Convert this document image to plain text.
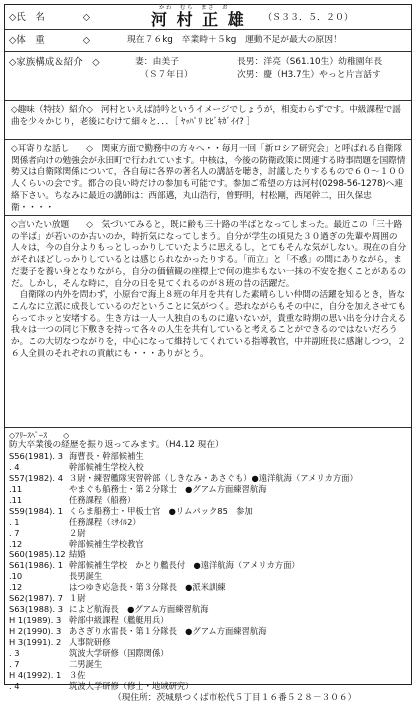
◇氏　名　　　　◇
かわ　むら　まさ　お
河 村 正 雄 （Ｓ３３．５．２０）
◇体　重　　　　◇	現在７６kg　卒業時＋５kg　運動不足が最大の原因！
◇家族構成＆紹介　◇	妻：由美子
（Ｓ７年日）
長男：洋亮（S61.10生）幼稚園年長
次男：慶（H3.7生）やっと片言話す
◇趣味（特技）紹介◇ 河村といえば詩吟というイメージでしょうが，相変わらずです。中級課程で謡曲を少々かじり，老後にむけて細々と．．．［ ﾔｯﾊﾟﾘ ﾋﾋﾞｷｶﾞｲｲ? ］
◇耳寄りな話し　　◇　関東方面で勤務中の方々へ・・毎月一回「新ロシア研究会」と呼ばれる自衛隊関係者向けの勉強会が永田町で行われています。中核は，今後の防衛政策に関連する時事問題を国際情勢又は自衛隊関係について，各自毎に各界の著名人の講話を聴き，討議したりするもので６０～１００人くらいの会です。都合の良い時だけの参加も可能です。参加ご希望の方は河村(0298-56-1278)へ連絡下さい。ちなみに最近の講師は：西部邁，丸山浩行，曽野明，村松剛，西尾幹二，田久保忠衛・・・・
◇言いたい放題　　◇　気づいてみると，既に齢も三十路の半ばとなってしまった。最近この「三十路の半ば」が若いのか古いのか，時折気になってしまう。自分が学生の頃見た３０過ぎの先輩や周囲の人々は，今の自分よりもっとしっかりしていたように思えるし，とてもそんな気がしない。現在の自分がそれほどしっかりしているとは感じられなかったりする。「而立」と「不惑」の間にありながら，まだ妻子を養い身となりながら，自分の価値観の座標上で何の進歩もない一抹の不安を抱くことがあるのだ。しかし，そんな時に，自分の日を見てくれるのが８班の昔の活躍だ。
　自衛隊の内外を問わず，小原台で海上８班の年月を共有した素晴らしい仲間の活躍を知るとき，皆なこんなに立派に成長しているのだということに気がつく。恐れながらもその中に，自分を加えさせてもらってホッと安堵する。生き方は一人一人独自のものに違いないが，貴重な時期の思い出を分け合える我々は一つの同じ下敷きを持って各々の人生を共有していると考えることができるのではないだろうか。この大切なつながりを，中心になって維持してくれている指導教官，中井副班長に感謝しつつ，２６人全員のそれぞれの貢献にも・・・ありがとう。
◇ﾌﾘｰｽﾍﾟｰｽ　　◇
防大卒業後の経歴を振り返ってみます。（H4.12 現在）
S56(1981). 3 海曹長・幹部候補生
. 4	幹部候補生学校入校
S57(1982). 4 ３尉・練習艦隊実習幹部（しきなみ・あさぐも）●遠洋航海（アメリカ方面）
.11	やまぐも船務士・第２分隊士　●グアム方面練習航海
.11	任務課程（船務）
S59(1984). 1 くらま船務士・甲板士官　●リムパック85　参加
. 1	任務課程（ﾐｻｲﾙ2）
. 7	２尉
.12	幹部候補生学校教官
S60(1985).12 結婚
S61(1986). 1 幹部候補生学校　かとり艦長付　●遠洋航海（アメリカ方面）
.10	長男誕生
.12	はつゆき応急長・第３分隊長　●派米訓練
S62(1987). 7 １尉
S63(1988). 3 によど航海長　●グアム方面練習航海
H 1(1989). 3 幹部中級課程（艦艇用兵）
H 2(1990). 3 あさぎり水雷長・第１分隊長　●グアム方面練習航海
H 3(1991). 2 人事院研修
. 3	筑波大学研修（国際関係）
. 7	二男誕生
H 4(1992). 1 ３佐
. 4	筑波大学研修（修士・地域研究）
（現住所：茨城県つくば市松代５丁目１６番５２８－３０６）
